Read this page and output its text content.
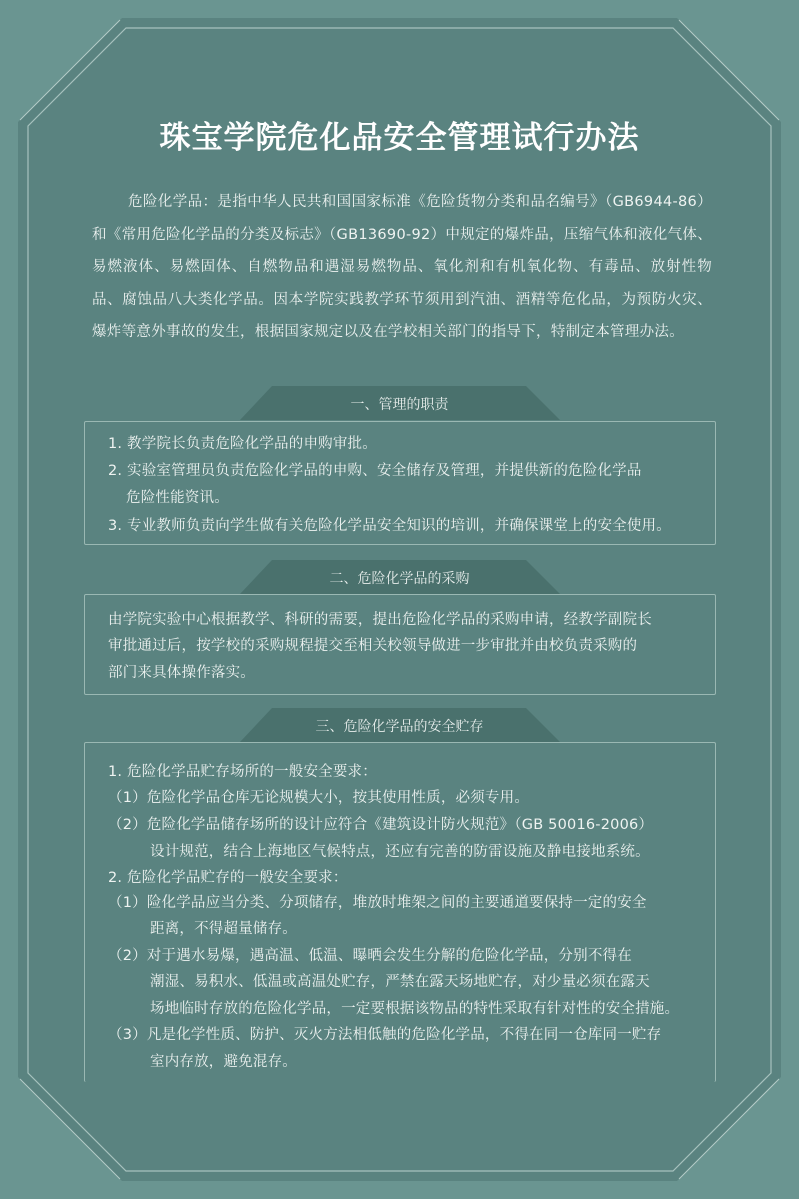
珠宝学院危化品安全管理试行办法
危险化学品：是指中华人民共和国国家标准《危险货物分类和品名编号》（GB6944-86）和《常用危险化学品的分类及标志》（GB13690-92）中规定的爆炸品，压缩气体和液化气体、易燃液体、易燃固体、自燃物品和遇湿易燃物品、氧化剂和有机氧化物、有毒品、放射性物品、腐蚀品八大类化学品。因本学院实践教学环节须用到汽油、酒精等危化品，为预防火灾、爆炸等意外事故的发生，根据国家规定以及在学校相关部门的指导下，特制定本管理办法。
一、管理的职责
1. 教学院长负责危险化学品的申购审批。
2. 实验室管理员负责危险化学品的申购、安全储存及管理，并提供新的危险化学品
危险性能资讯。
3. 专业教师负责向学生做有关危险化学品安全知识的培训，并确保课堂上的安全使用。
二、危险化学品的采购
由学院实验中心根据教学、科研的需要，提出危险化学品的采购申请，经教学副院长
审批通过后，按学校的采购规程提交至相关校领导做进一步审批并由校负责采购的
部门来具体操作落实。
三、危险化学品的安全贮存
1. 危险化学品贮存场所的一般安全要求：
（1）危险化学品仓库无论规模大小，按其使用性质，必须专用。
（2）危险化学品储存场所的设计应符合《建筑设计防火规范》（GB 50016-2006）
设计规范，结合上海地区气候特点，还应有完善的防雷设施及静电接地系统。
2. 危险化学品贮存的一般安全要求：
（1）险化学品应当分类、分项储存，堆放时堆架之间的主要通道要保持一定的安全
距离，不得超量储存。
（2）对于遇水易爆，遇高温、低温、曝晒会发生分解的危险化学品，分别不得在
潮湿、易积水、低温或高温处贮存，严禁在露天场地贮存，对少量必须在露天
场地临时存放的危险化学品，一定要根据该物品的特性采取有针对性的安全措施。
（3）凡是化学性质、防护、灭火方法相低触的危险化学品，不得在同一仓库同一贮存
室内存放，避免混存。
